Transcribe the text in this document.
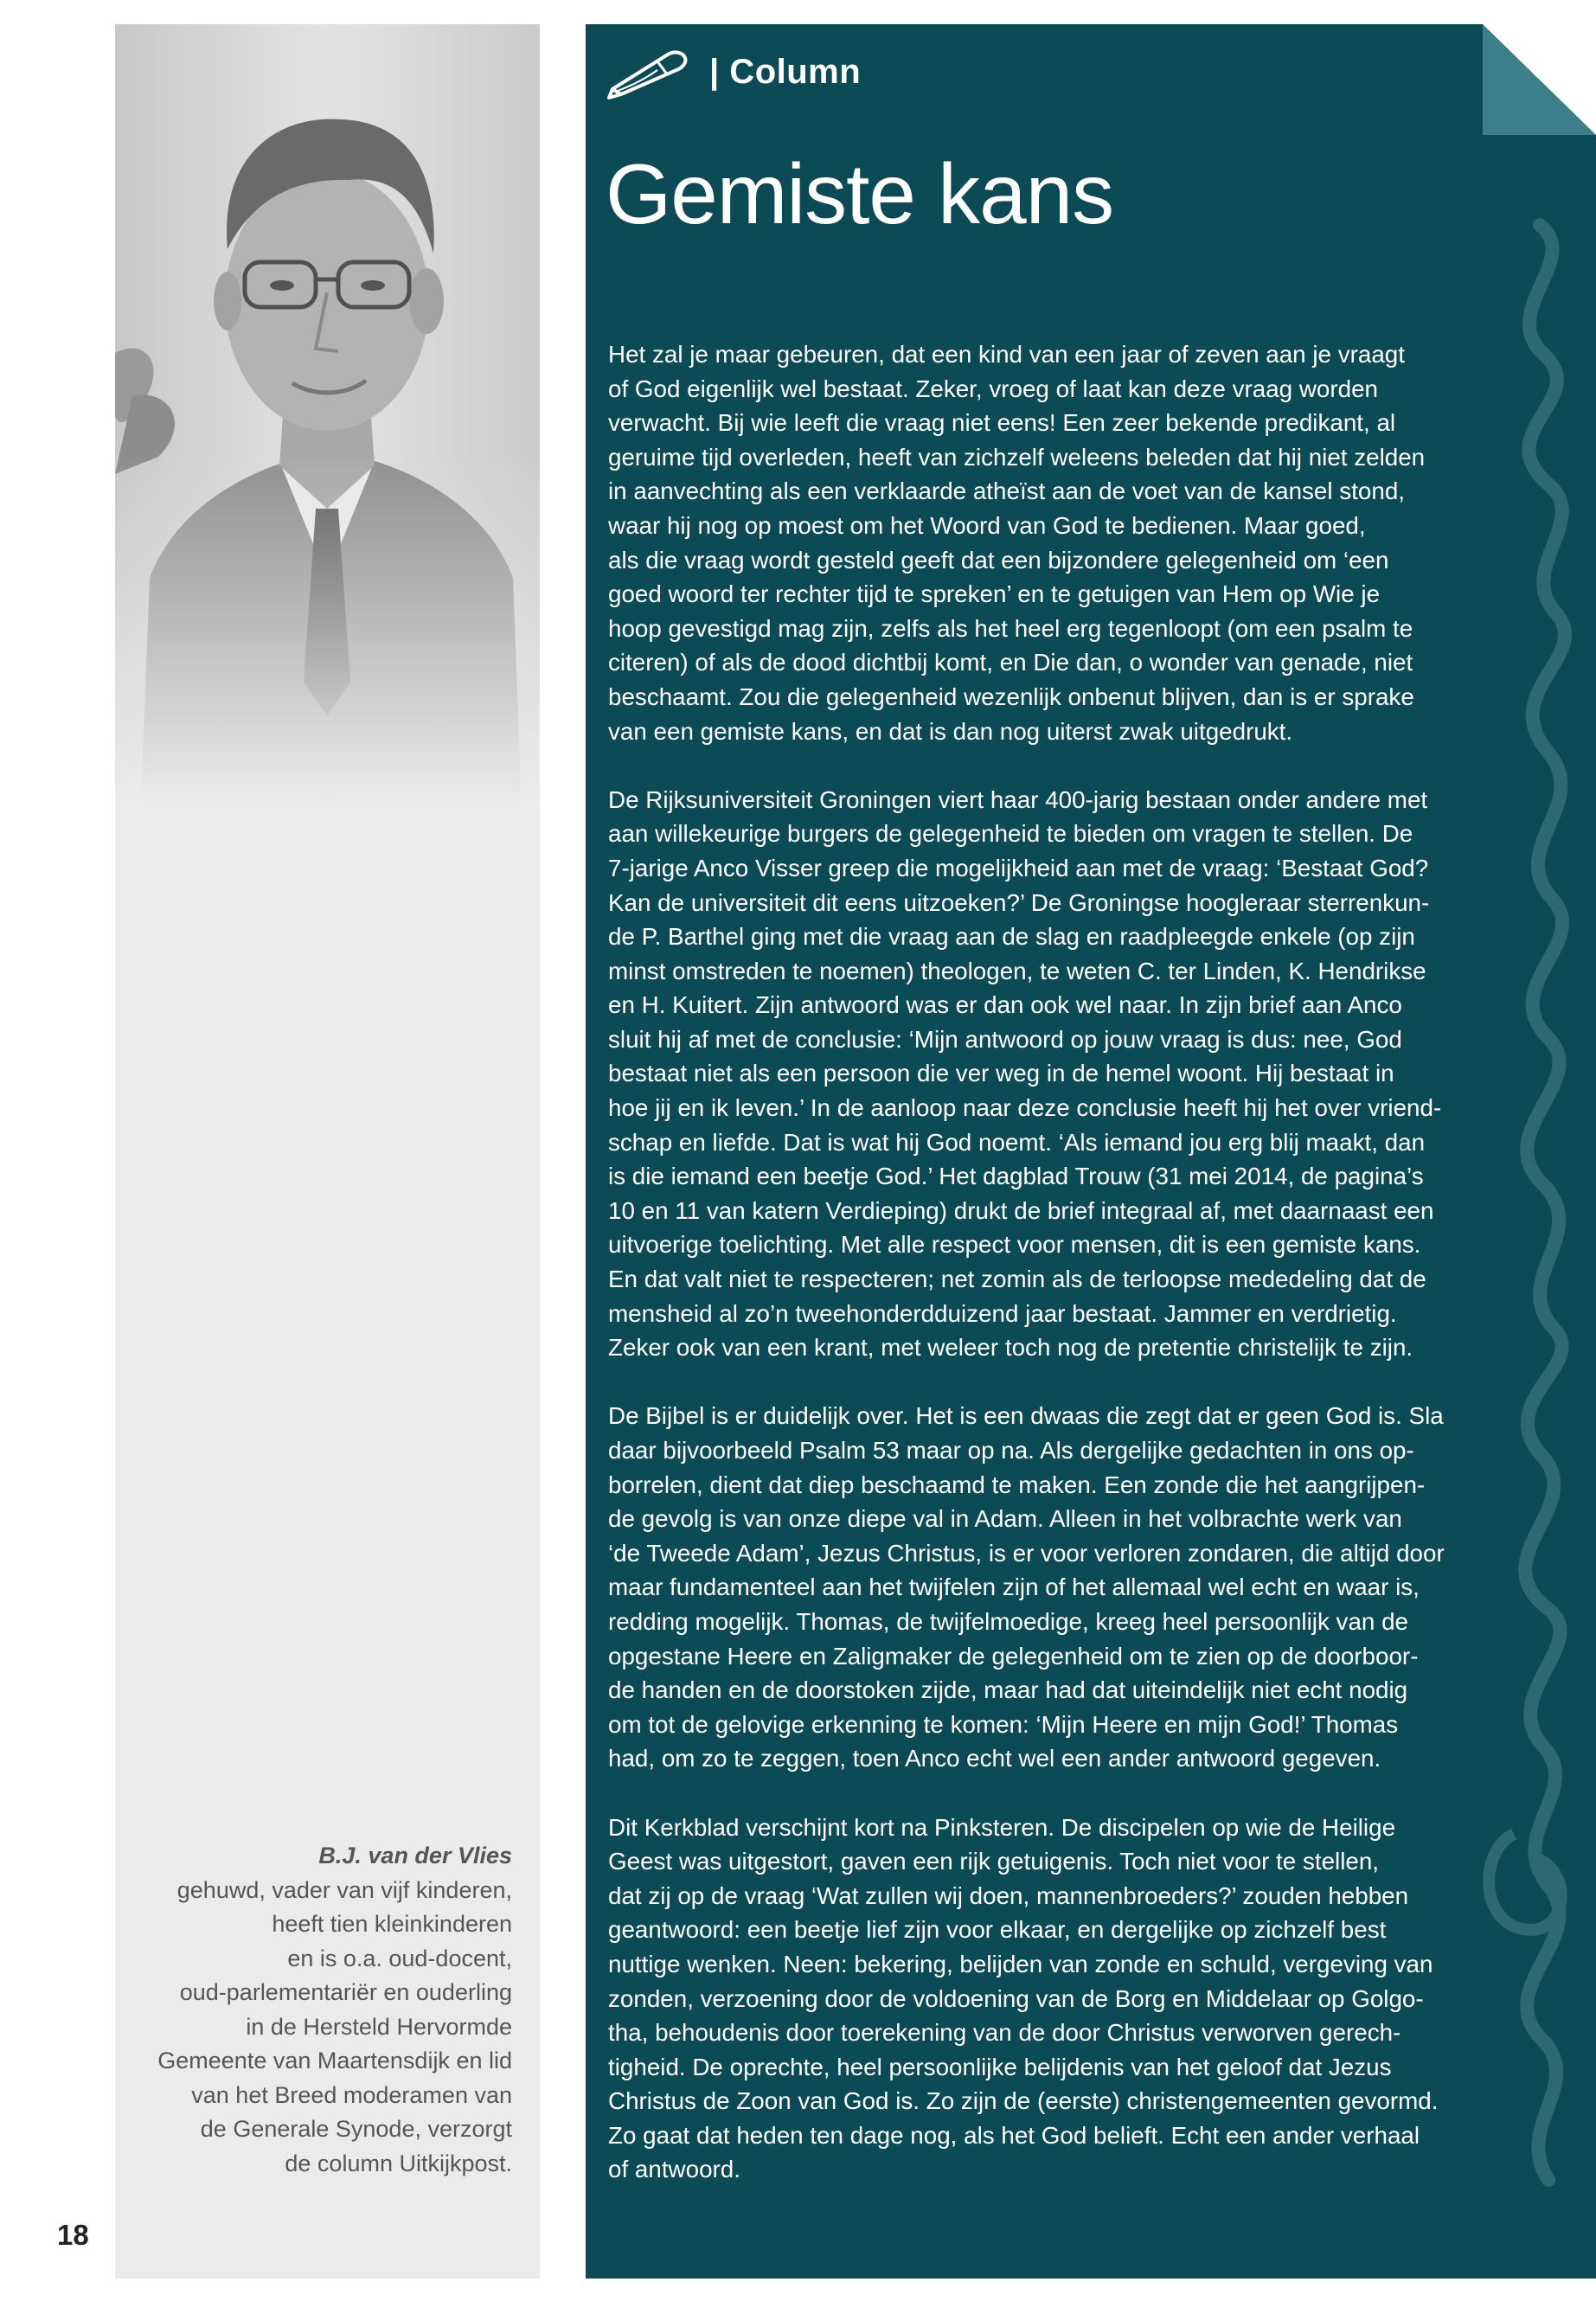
B.J. van der Vlies
gehuwd, vader van vijf kinderen,
heeft tien kleinkinderen
en is o.a. oud-docent,
oud-parlementariër en ouderling
in de Hersteld Hervormde
Gemeente van Maartensdijk en lid
van het Breed moderamen van
de Generale Synode, verzorgt
de column Uitkijkpost.
18
| Column
Gemiste kans

Het zal je maar gebeuren, dat een kind van een jaar of zeven aan je vraagt
of God eigenlijk wel bestaat. Zeker, vroeg of laat kan deze vraag worden
verwacht. Bij wie leeft die vraag niet eens! Een zeer bekende predikant, al
geruime tijd overleden, heeft van zichzelf weleens beleden dat hij niet zelden
in aanvechting als een verklaarde atheïst aan de voet van de kansel stond,
waar hij nog op moest om het Woord van God te bedienen. Maar goed,
als die vraag wordt gesteld geeft dat een bijzondere gelegenheid om ‘een
goed woord ter rechter tijd te spreken’ en te getuigen van Hem op Wie je
hoop gevestigd mag zijn, zelfs als het heel erg tegenloopt (om een psalm te
citeren) of als de dood dichtbij komt, en Die dan, o wonder van genade, niet
beschaamt. Zou die gelegenheid wezenlijk onbenut blijven, dan is er sprake
van een gemiste kans, en dat is dan nog uiterst zwak uitgedrukt.

De Rijksuniversiteit Groningen viert haar 400-jarig bestaan onder andere met
aan willekeurige burgers de gelegenheid te bieden om vragen te stellen. De
7-jarige Anco Visser greep die mogelijkheid aan met de vraag: ‘Bestaat God?
Kan de universiteit dit eens uitzoeken?’ De Groningse hoogleraar sterrenkun-
de P. Barthel ging met die vraag aan de slag en raadpleegde enkele (op zijn
minst omstreden te noemen) theologen, te weten C. ter Linden, K. Hendrikse
en H. Kuitert. Zijn antwoord was er dan ook wel naar. In zijn brief aan Anco
sluit hij af met de conclusie: ‘Mijn antwoord op jouw vraag is dus: nee, God
bestaat niet als een persoon die ver weg in de hemel woont. Hij bestaat in
hoe jij en ik leven.’ In de aanloop naar deze conclusie heeft hij het over vriend-
schap en liefde. Dat is wat hij God noemt. ‘Als iemand jou erg blij maakt, dan
is die iemand een beetje God.’ Het dagblad Trouw (31 mei 2014, de pagina’s
10 en 11 van katern Verdieping) drukt de brief integraal af, met daarnaast een
uitvoerige toelichting. Met alle respect voor mensen, dit is een gemiste kans.
En dat valt niet te respecteren; net zomin als de terloopse mededeling dat de
mensheid al zo’n tweehonderdduizend jaar bestaat. Jammer en verdrietig.
Zeker ook van een krant, met weleer toch nog de pretentie christelijk te zijn.

De Bijbel is er duidelijk over. Het is een dwaas die zegt dat er geen God is. Sla
daar bijvoorbeeld Psalm 53 maar op na. Als dergelijke gedachten in ons op-
borrelen, dient dat diep beschaamd te maken. Een zonde die het aangrijpen-
de gevolg is van onze diepe val in Adam. Alleen in het volbrachte werk van
‘de Tweede Adam’, Jezus Christus, is er voor verloren zondaren, die altijd door
maar fundamenteel aan het twijfelen zijn of het allemaal wel echt en waar is,
redding mogelijk. Thomas, de twijfelmoedige, kreeg heel persoonlijk van de
opgestane Heere en Zaligmaker de gelegenheid om te zien op de doorboor-
de handen en de doorstoken zijde, maar had dat uiteindelijk niet echt nodig
om tot de gelovige erkenning te komen: ‘Mijn Heere en mijn God!’ Thomas
had, om zo te zeggen, toen Anco echt wel een ander antwoord gegeven.

Dit Kerkblad verschijnt kort na Pinksteren. De discipelen op wie de Heilige
Geest was uitgestort, gaven een rijk getuigenis. Toch niet voor te stellen,
dat zij op de vraag ‘Wat zullen wij doen, mannenbroeders?’ zouden hebben
geantwoord: een beetje lief zijn voor elkaar, en dergelijke op zichzelf best
nuttige wenken. Neen: bekering, belijden van zonde en schuld, vergeving van
zonden, verzoening door de voldoening van de Borg en Middelaar op Golgo-
tha, behoudenis door toerekening van de door Christus verworven gerech-
tigheid. De oprechte, heel persoonlijke belijdenis van het geloof dat Jezus
Christus de Zoon van God is. Zo zijn de (eerste) christengemeenten gevormd.
Zo gaat dat heden ten dage nog, als het God belieft. Echt een ander verhaal
of antwoord.
